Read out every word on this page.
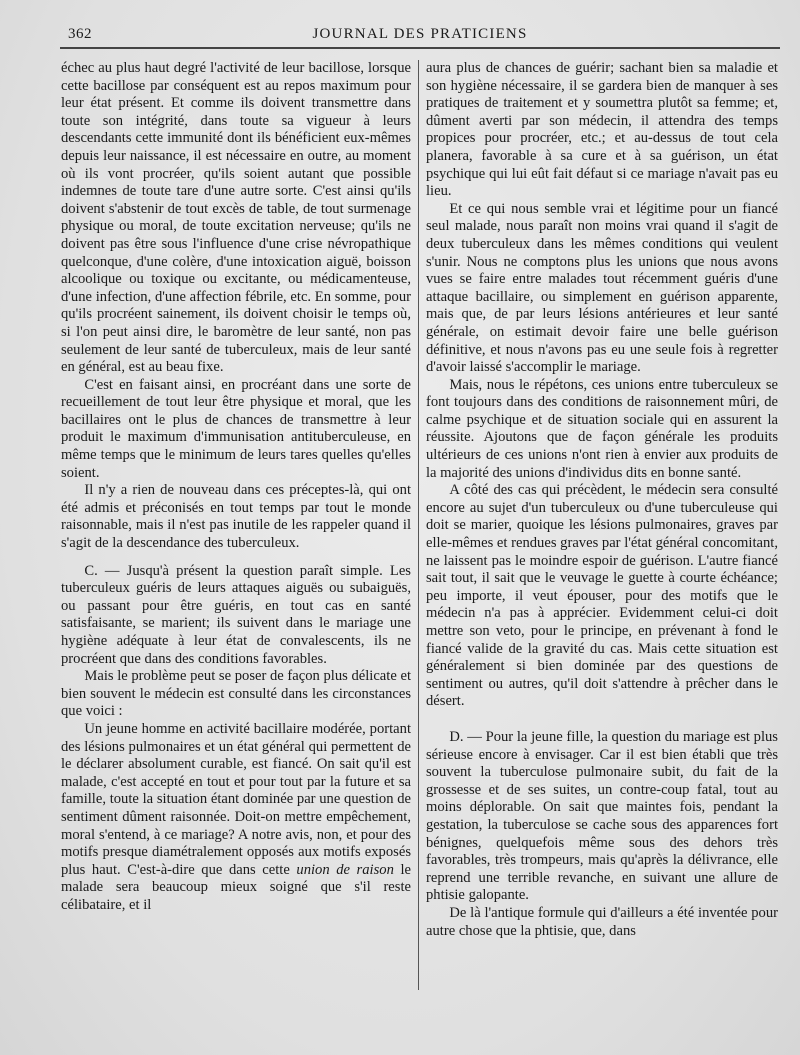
362	JOURNAL DES PRATICIENS

échec au plus haut degré l'activité de leur bacillose, lorsque cette bacillose par conséquent est au repos maximum pour leur état présent. Et comme ils doivent transmettre dans toute son intégrité, dans toute sa vigueur à leurs descendants cette immunité dont ils bénéficient eux-mêmes depuis leur naissance, il est nécessaire en outre, au moment où ils vont procréer, qu'ils soient autant que possible indemnes de toute tare d'une autre sorte. C'est ainsi qu'ils doivent s'abstenir de tout excès de table, de tout surmenage physique ou moral, de toute excitation nerveuse; qu'ils ne doivent pas être sous l'influence d'une crise névropathique quelconque, d'une colère, d'une intoxication aiguë, boisson alcoolique ou toxique ou excitante, ou médicamenteuse, d'une infection, d'une affection fébrile, etc. En somme, pour qu'ils procréent sainement, ils doivent choisir le temps où, si l'on peut ainsi dire, le baromètre de leur santé, non pas seulement de leur santé de tuberculeux, mais de leur santé en général, est au beau fixe.

C'est en faisant ainsi, en procréant dans une sorte de recueillement de tout leur être physique et moral, que les bacillaires ont le plus de chances de transmettre à leur produit le maximum d'immunisation antituberculeuse, en même temps que le minimum de leurs tares quelles qu'elles soient.

Il n'y a rien de nouveau dans ces préceptes-là, qui ont été admis et préconisés en tout temps par tout le monde raisonnable, mais il n'est pas inutile de les rappeler quand il s'agit de la descendance des tuberculeux.

C. — Jusqu'à présent la question paraît simple. Les tuberculeux guéris de leurs attaques aiguës ou subaiguës, ou passant pour être guéris, en tout cas en santé satisfaisante, se marient; ils suivent dans le mariage une hygiène adéquate à leur état de convalescents, ils ne procréent que dans des conditions favorables.

Mais le problème peut se poser de façon plus délicate et bien souvent le médecin est consulté dans les circonstances que voici :

Un jeune homme en activité bacillaire modérée, portant des lésions pulmonaires et un état général qui permettent de le déclarer absolument curable, est fiancé. On sait qu'il est malade, c'est accepté en tout et pour tout par la future et sa famille, toute la situation étant dominée par une question de sentiment dûment raisonnée. Doit-on mettre empêchement, moral s'entend, à ce mariage? A notre avis, non, et pour des motifs presque diamétralement opposés aux motifs exposés plus haut. C'est-à-dire que dans cette union de raison le malade sera beaucoup mieux soigné que s'il reste célibataire, et il

aura plus de chances de guérir; sachant bien sa maladie et son hygiène nécessaire, il se gardera bien de manquer à ses pratiques de traitement et y soumettra plutôt sa femme; et, dûment averti par son médecin, il attendra des temps propices pour procréer, etc.; et au-dessus de tout cela planera, favorable à sa cure et à sa guérison, un état psychique qui lui eût fait défaut si ce mariage n'avait pas eu lieu.

Et ce qui nous semble vrai et légitime pour un fiancé seul malade, nous paraît non moins vrai quand il s'agit de deux tuberculeux dans les mêmes conditions qui veulent s'unir. Nous ne comptons plus les unions que nous avons vues se faire entre malades tout récemment guéris d'une attaque bacillaire, ou simplement en guérison apparente, mais que, de par leurs lésions antérieures et leur santé générale, on estimait devoir faire une belle guérison définitive, et nous n'avons pas eu une seule fois à regretter d'avoir laissé s'accomplir le mariage.

Mais, nous le répétons, ces unions entre tuberculeux se font toujours dans des conditions de raisonnement mûri, de calme psychique et de situation sociale qui en assurent la réussite. Ajoutons que de façon générale les produits ultérieurs de ces unions n'ont rien à envier aux produits de la majorité des unions d'individus dits en bonne santé.

A côté des cas qui précèdent, le médecin sera consulté encore au sujet d'un tuberculeux ou d'une tuberculeuse qui doit se marier, quoique les lésions pulmonaires, graves par elle-mêmes et rendues graves par l'état général concomitant, ne laissent pas le moindre espoir de guérison. L'autre fiancé sait tout, il sait que le veuvage le guette à courte échéance; peu importe, il veut épouser, pour des motifs que le médecin n'a pas à apprécier. Evidemment celui-ci doit mettre son veto, pour le principe, en prévenant à fond le fiancé valide de la gravité du cas. Mais cette situation est généralement si bien dominée par des questions de sentiment ou autres, qu'il doit s'attendre à prêcher dans le désert.

D. — Pour la jeune fille, la question du mariage est plus sérieuse encore à envisager. Car il est bien établi que très souvent la tuberculose pulmonaire subit, du fait de la grossesse et de ses suites, un contre-coup fatal, tout au moins déplorable. On sait que maintes fois, pendant la gestation, la tuberculose se cache sous des apparences fort bénignes, quelquefois même sous des dehors très favorables, très trompeurs, mais qu'après la délivrance, elle reprend une terrible revanche, en suivant une allure de phtisie galopante.

De là l'antique formule qui d'ailleurs a été inventée pour autre chose que la phtisie, que, dans
